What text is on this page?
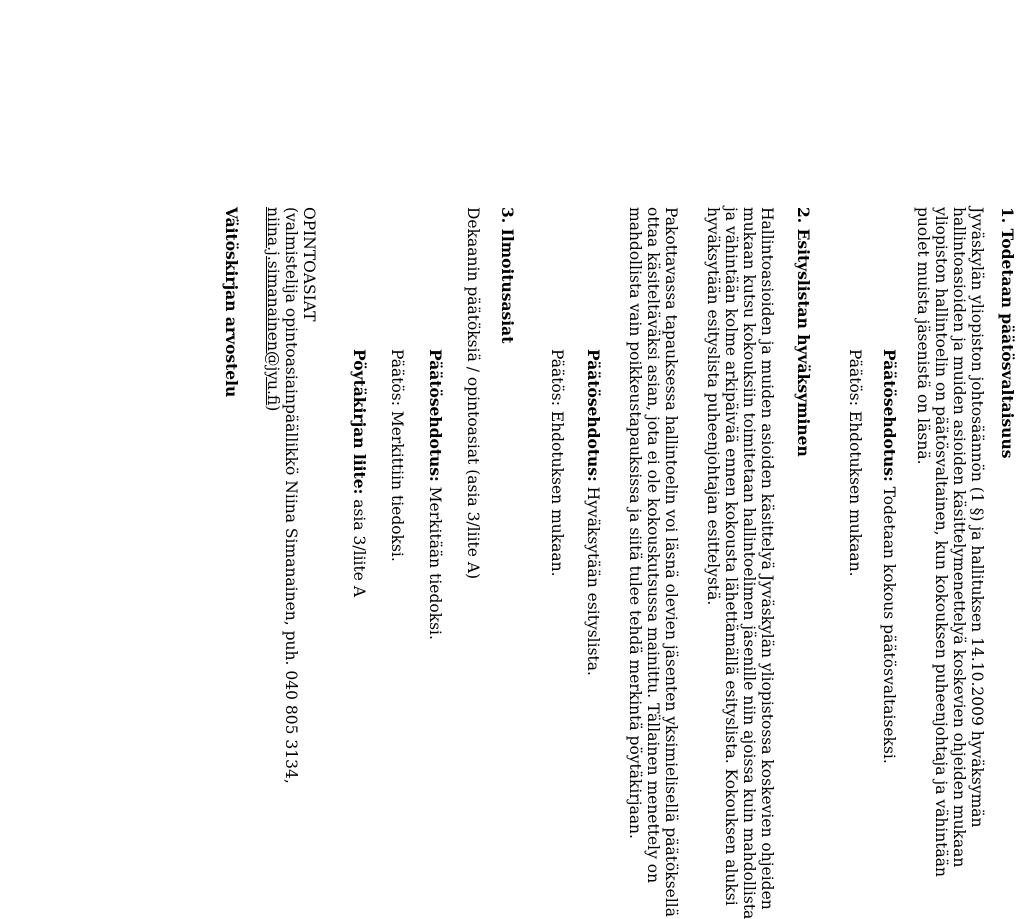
1. Todetaan päätösvaltaisuus
Jyväskylän yliopiston johtosäännön (1 §) ja hallituksen 14.10.2009 hyväksymän
hallintoasioiden ja muiden asioiden käsittelymenettelyä koskevien ohjeiden mukaan
yliopiston hallintoelin on päätösvaltainen, kun kokouksen puheenjohtaja ja vähintään
puolet muista jäsenistä on läsnä.
Päätösehdotus: Todetaan kokous päätösvaltaiseksi.
Päätös: Ehdotuksen mukaan.
2. Esityslistan hyväksyminen
Hallintoasioiden ja muiden asioiden käsittelyä Jyväskylän yliopistossa koskevien ohjeiden
mukaan kutsu kokouksiin toimitetaan hallintoelimen jäsenille niin ajoissa kuin mahdollista
ja vähintään kolme arkipäivää ennen kokousta lähettämällä esityslista. Kokouksen aluksi
hyväksytään esityslista puheenjohtajan esittelystä.
Pakottavassa tapauksessa hallintoelin voi läsnä olevien jäsenten yksimielisellä päätöksellä
ottaa käsiteltäväksi asian, jota ei ole kokouskutsussa mainittu. Tällainen menettely on
mahdollista vain poikkeustapauksissa ja siitä tulee tehdä merkintä pöytäkirjaan.
Päätösehdotus: Hyväksytään esityslista.
Päätös: Ehdotuksen mukaan.
3. Ilmoitusasiat
Dekaanin päätöksiä / opintoasiat (asia 3/liite A)
Päätösehdotus: Merkitään tiedoksi.
Päätös: Merkittiin tiedoksi.
Pöytäkirjan liite: asia 3/liite A
OPINTOASIAT
(valmistelija opintoasiainpäällikkö Niina Simanainen, puh. 040 805 3134,
niina.j.simanainen@jyu.fi)
Väitöskirjan arvostelu
